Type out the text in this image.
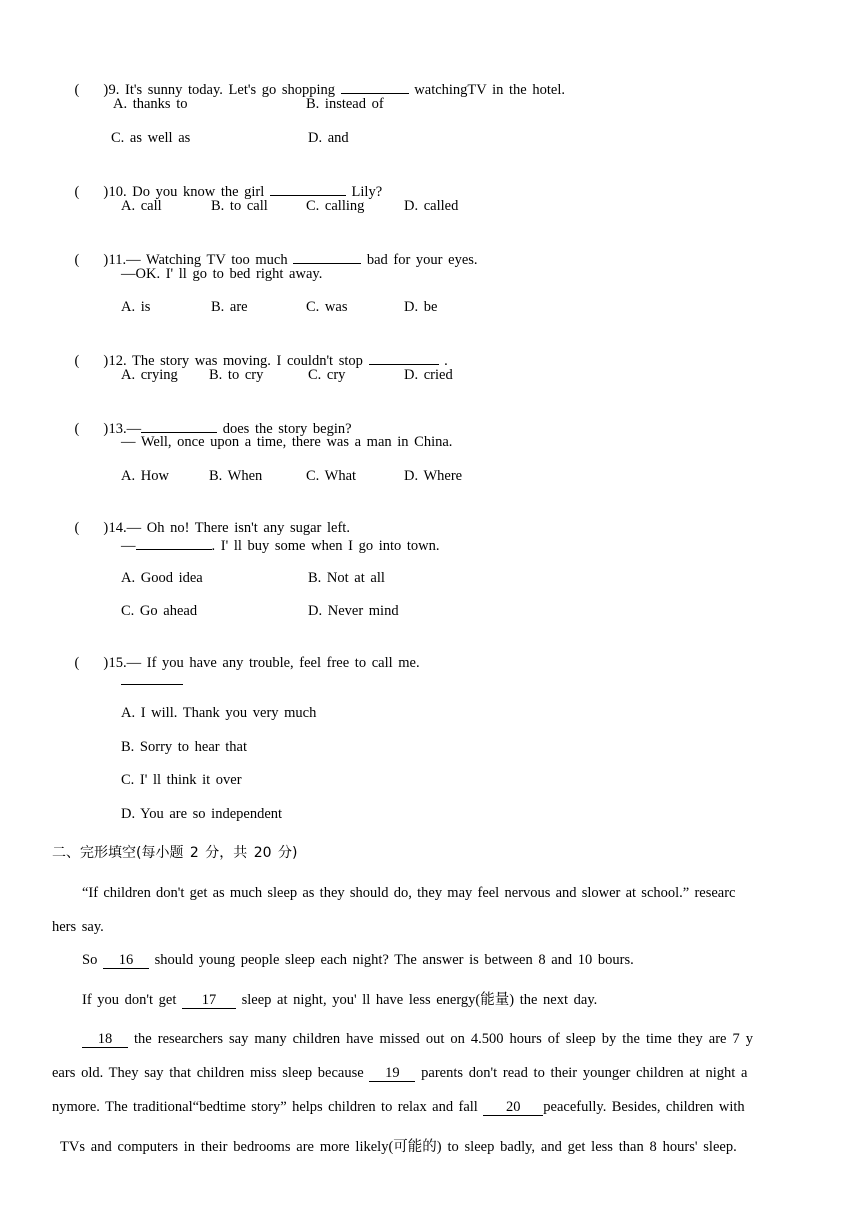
( )9. It's sunny today. Let's go shopping	watchingTV in the hotel.

A. thanks to	B. instead of
C. as well as	D. and

( )10. Do you know the girl	Lily?

A. call	B. to call	C. calling	D. called

( )11.— Watching TV too much	bad for your eyes.

—OK. I' ll go to bed right away.
A. is	B. are	C. was	D. be

( )12. The story was moving. I couldn't stop	.

A. crying B. to cry	C. cry	D. cried

( )13.—	does the story begin?

— Well, once upon a time, there was a man in China.
A. How	B. When	C. What	D. Where

( )14.— Oh no! There isn't any sugar left.

—	. I' ll buy some when I go into town.
A. Good idea	B. Not at all
C. Go ahead	D. Never mind

( )15.— If you have any trouble, feel free to call me.

A. I will. Thank you very much
B. Sorry to hear that
C. I' ll think it over
D. You are so independent
二、完形填空(每小题 2 分，共 20 分)
“If children don't get as much sleep as they should do, they may feel nervous and slower at school.” researc
hers say.
So 16 should young people sleep each night? The answer is between 8 and 10 bours.
If you don't get 17 sleep at night, you' ll have less energy(能量) the next day.
18 the researchers say many children have missed out on 4.500 hours of sleep by the time they are 7 y
ears old. They say that children miss sleep because 19 parents don't read to their younger children at night a
nymore. The traditional“bedtime story” helps children to relax and fall 20 peacefully. Besides, children with
TVs and computers in their bedrooms are more likely(可能的) to sleep badly, and get less than 8 hours' sleep.
